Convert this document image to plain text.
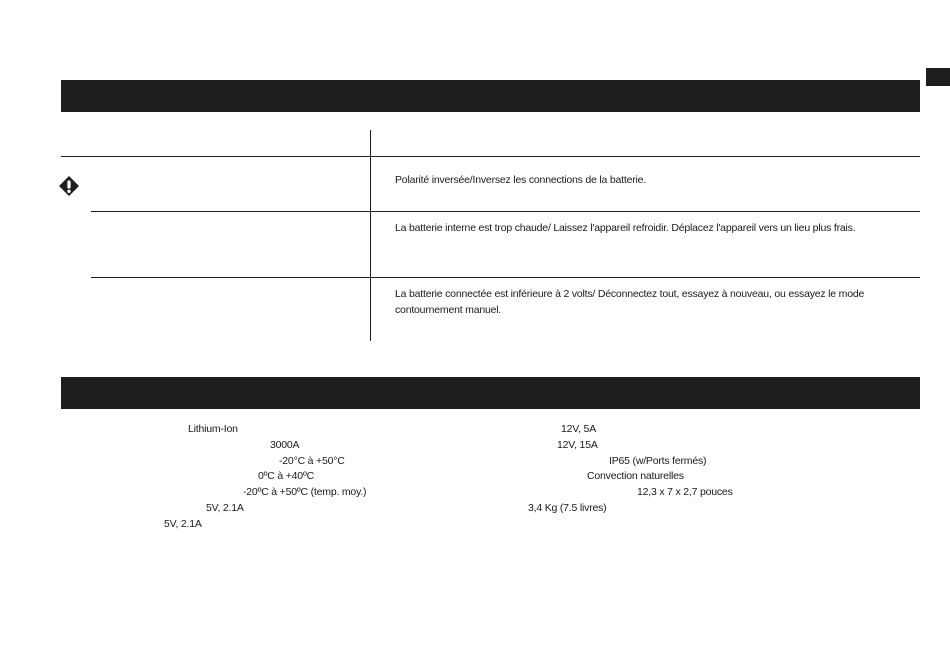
Polarité inversée/Inversez les connections de la batterie.
La batterie interne est trop chaude/ Laissez l'appareil refroidir. Déplacez l'appareil vers un lieu plus frais.
La batterie connectée est inférieure à 2 volts/ Déconnectez tout, essayez à nouveau, ou essayez le mode contournement manuel.
Lithium-Ion
3000A
-20°C à +50°C
0ºC à +40ºC
-20ºC à +50ºC (temp. moy.)
5V, 2.1A
5V, 2.1A
12V, 5A
12V, 15A
IP65 (w/Ports fermés)
Convection naturelles
12,3 x 7 x 2,7 pouces
3,4 Kg (7.5 livres)
